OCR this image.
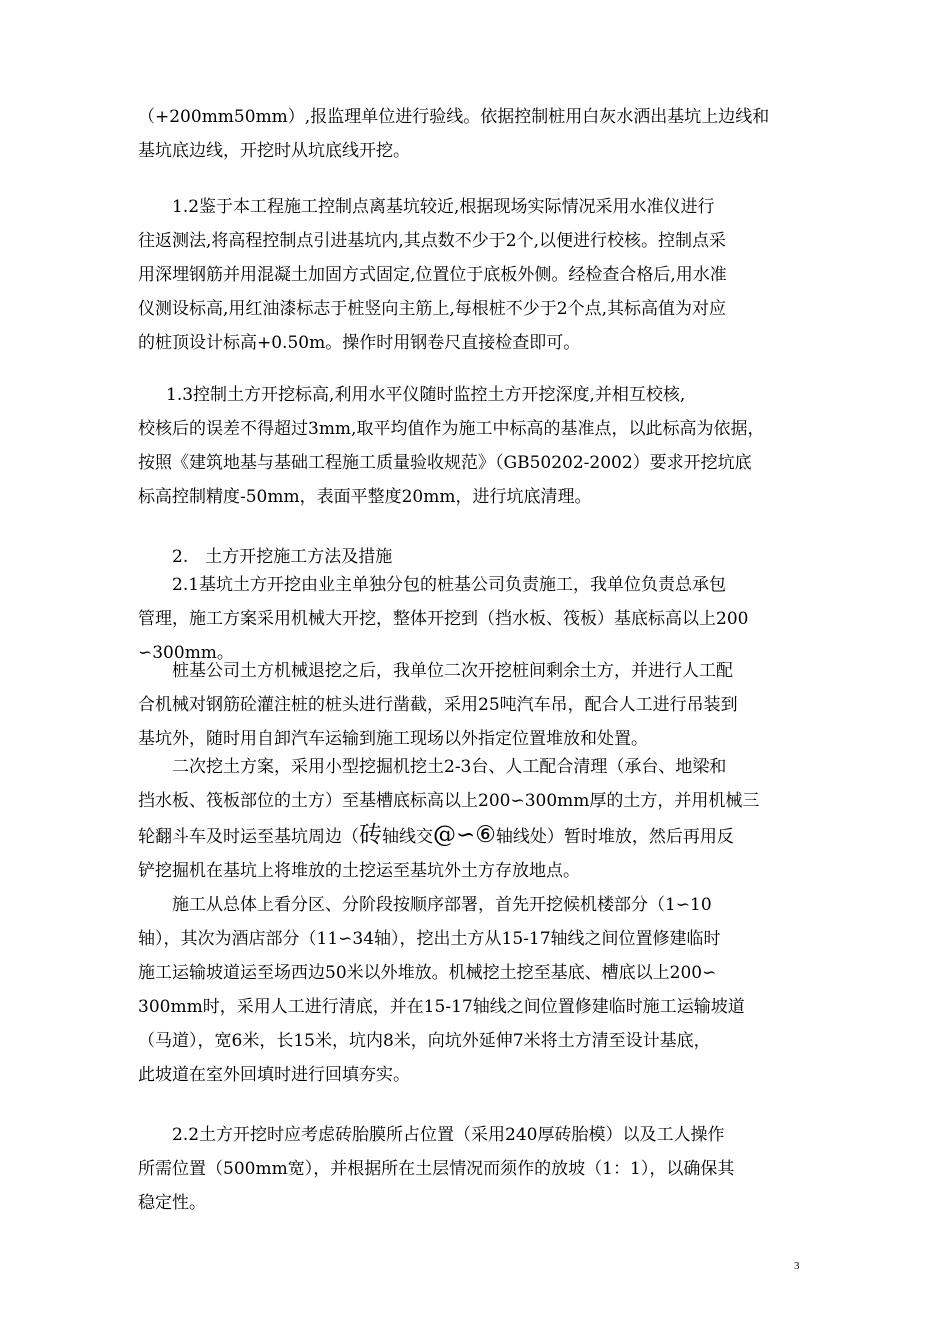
（+200mm50mm）,报监理单位进行验线。依据控制桩用白灰水洒出基坑上边线和
基坑底边线，开挖时从坑底线开挖。

1.2鉴于本工程施工控制点离基坑较近,根据现场实际情况采用水准仪进行
往返测法,将高程控制点引进基坑内,其点数不少于2个,以便进行校核。控制点采
用深埋钢筋并用混凝土加固方式固定,位置位于底板外侧。经检查合格后,用水准
仪测设标高,用红油漆标志于桩竖向主筋上,每根桩不少于2个点,其标高值为对应
的桩顶设计标高+0.50m。操作时用钢卷尺直接检查即可。

1.3控制土方开挖标高,利用水平仪随时监控土方开挖深度,并相互校核,
校核后的误差不得超过3mm,取平均值作为施工中标高的基准点，以此标高为依据，
按照《建筑地基与基础工程施工质量验收规范》（GB50202-2002）要求开挖坑底
标高控制精度-50mm，表面平整度20mm，进行坑底清理。

2.　土方开挖施工方法及措施

2.1基坑土方开挖由业主单独分包的桩基公司负责施工，我单位负责总承包
管理，施工方案采用机械大开挖，整体开挖到（挡水板、筏板）基底标高以上200
∽300mm。

桩基公司土方机械退挖之后，我单位二次开挖桩间剩余土方，并进行人工配
合机械对钢筋砼灌注桩的桩头进行凿截，采用25吨汽车吊，配合人工进行吊装到
基坑外，随时用自卸汽车运输到施工现场以外指定位置堆放和处置。

二次挖土方案，采用小型挖掘机挖土2-3台、人工配合清理（承台、地梁和
挡水板、筏板部位的土方）至基槽底标高以上200∽300mm厚的土方，并用机械三
轮翻斗车及时运至基坑周边（砖轴线交@∽⑥轴线处）暂时堆放，然后再用反
铲挖掘机在基坑上将堆放的土挖运至基坑外土方存放地点。

施工从总体上看分区、分阶段按顺序部署，首先开挖候机楼部分（1∽10
轴），其次为酒店部分（11∽34轴），挖出土方从15-17轴线之间位置修建临时
施工运输坡道运至场西边50米以外堆放。机械挖土挖至基底、槽底以上200∽
300mm时，采用人工进行清底，并在15-17轴线之间位置修建临时施工运输坡道
（马道），宽6米，长15米，坑内8米，向坑外延伸7米将土方清至设计基底，
此坡道在室外回填时进行回填夯实。

2.2土方开挖时应考虑砖胎膜所占位置（采用240厚砖胎模）以及工人操作
所需位置（500mm宽），并根据所在土层情况而须作的放坡（1：1），以确保其
稳定性。

3
